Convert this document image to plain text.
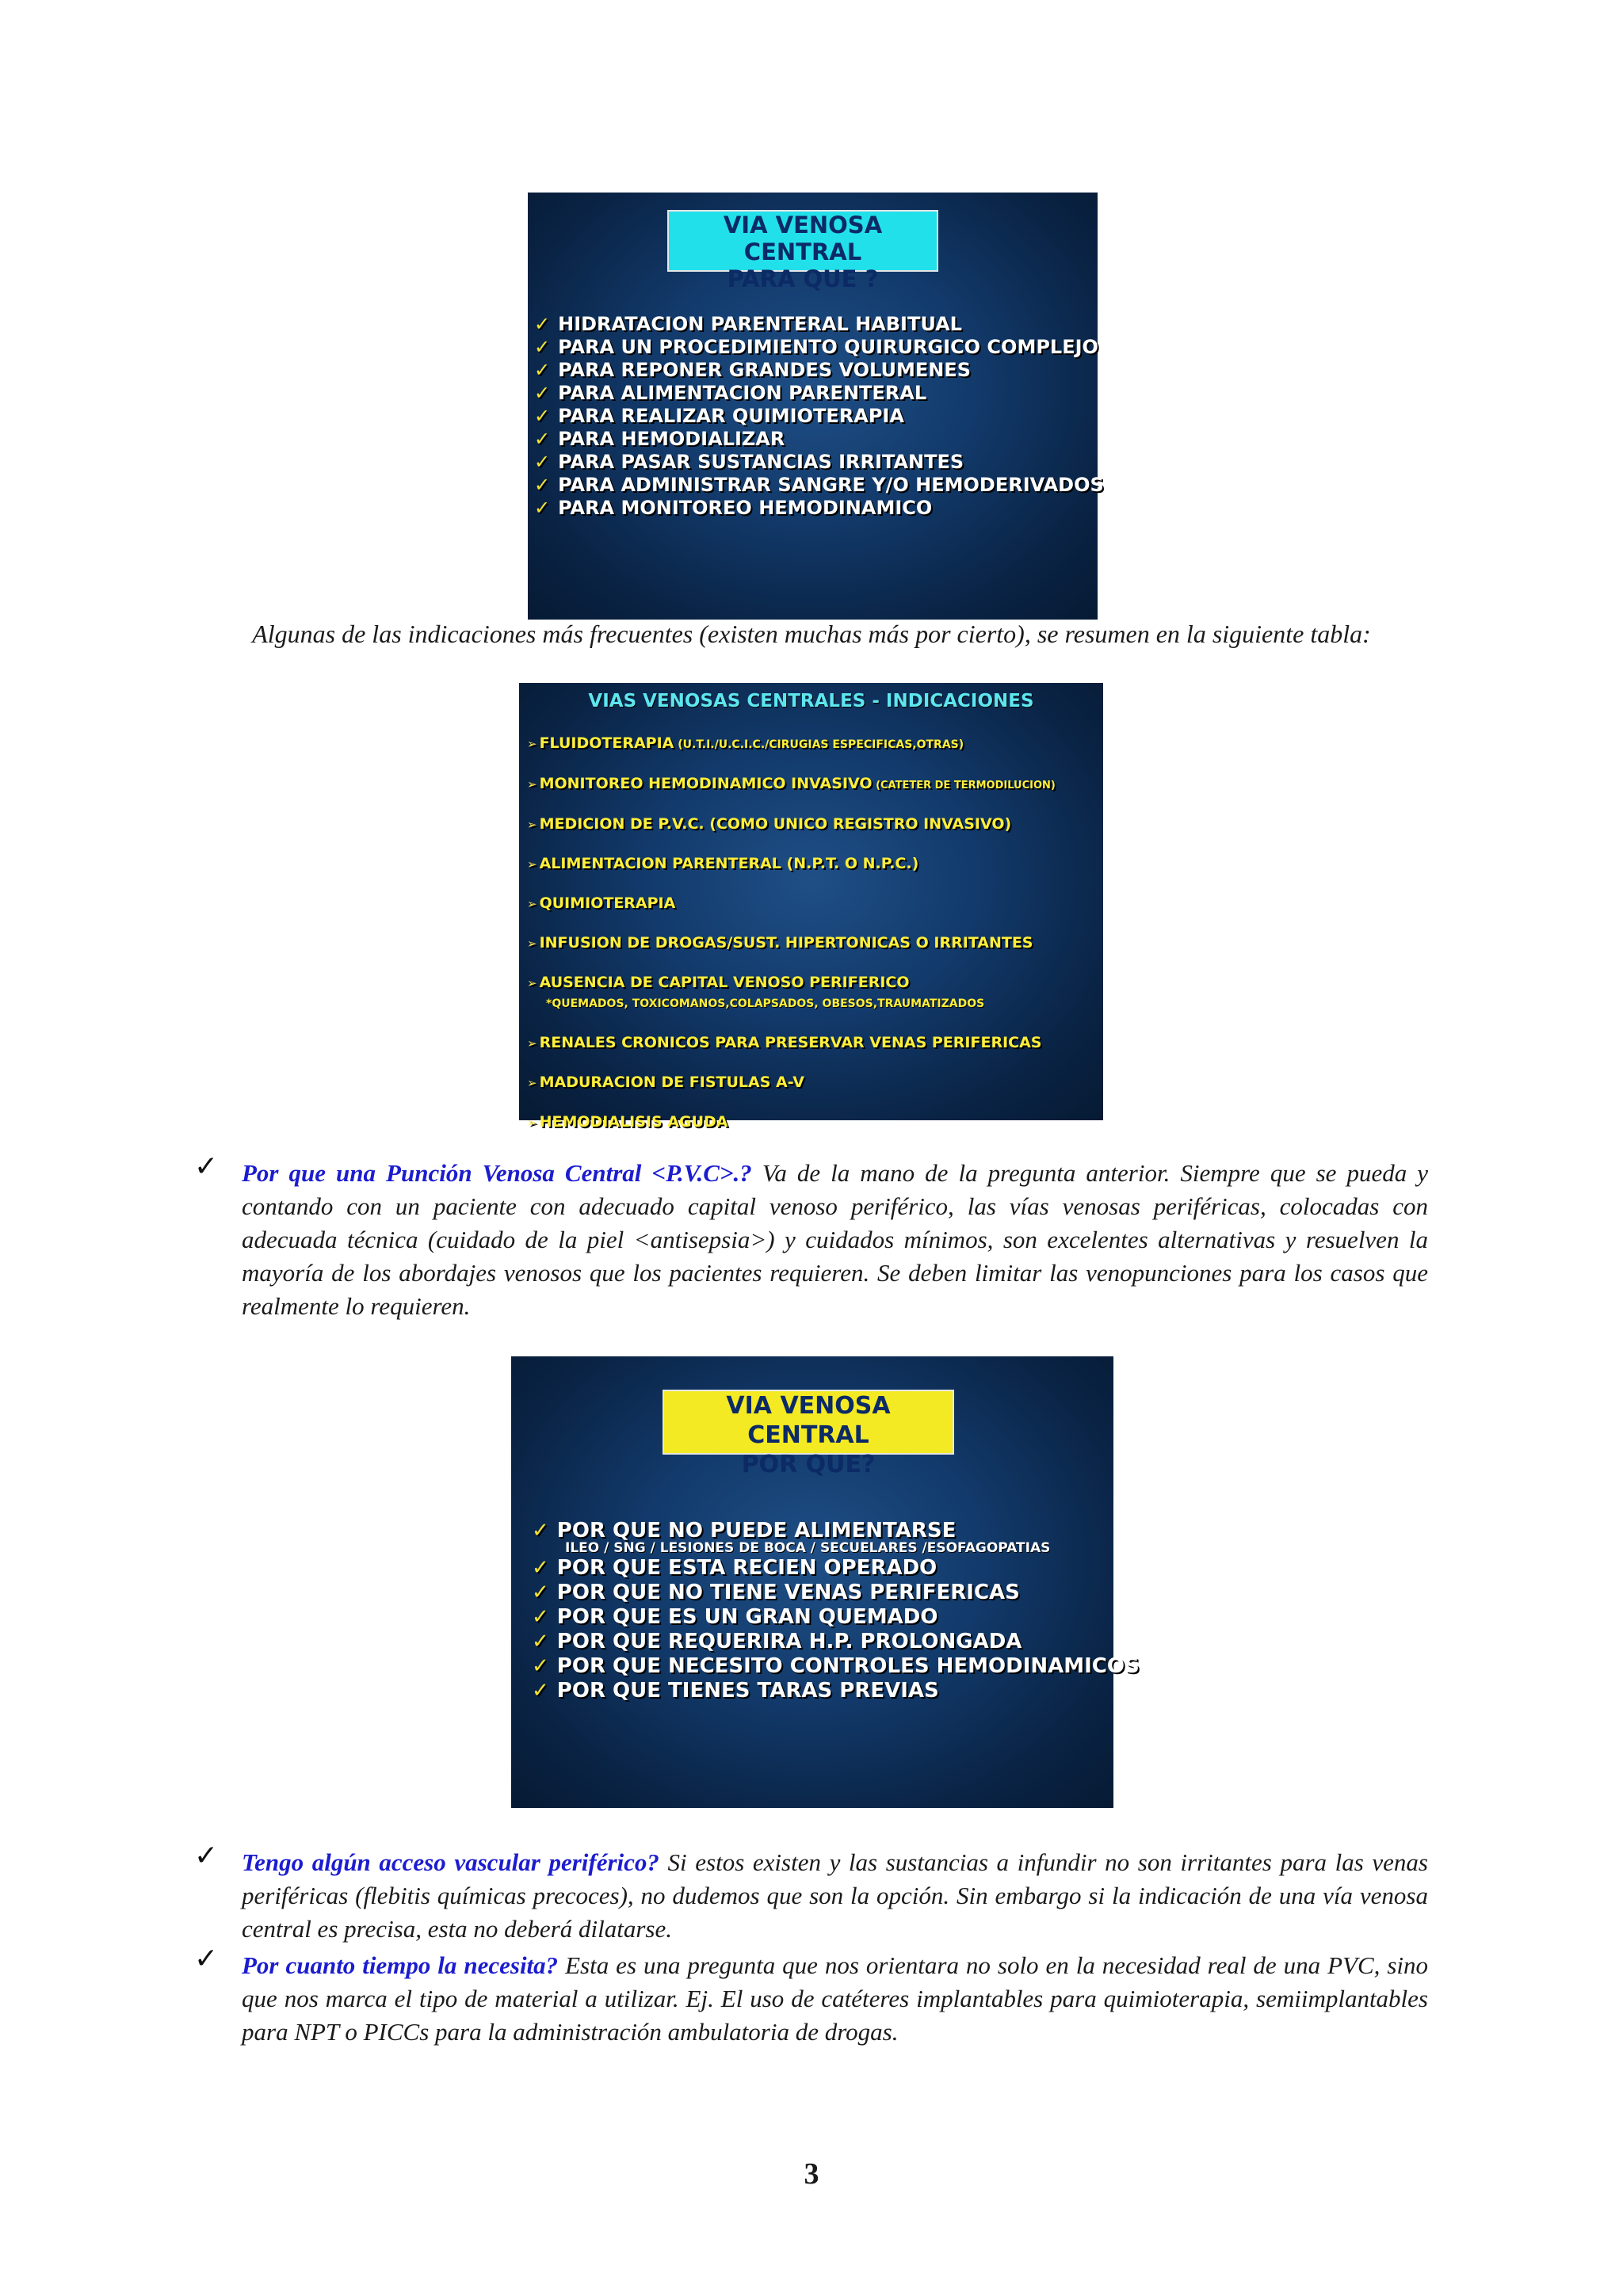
VIA VENOSA CENTRAL
PARA QUE ?
✓ HIDRATACION PARENTERAL HABITUAL
✓ PARA UN PROCEDIMIENTO QUIRURGICO COMPLEJO
✓ PARA REPONER GRANDES VOLUMENES
✓ PARA ALIMENTACION PARENTERAL
✓ PARA REALIZAR QUIMIOTERAPIA
✓ PARA HEMODIALIZAR
✓ PARA PASAR SUSTANCIAS IRRITANTES
✓ PARA ADMINISTRAR SANGRE Y/O HEMODERIVADOS
✓ PARA MONITOREO HEMODINAMICO
Algunas de las indicaciones más frecuentes (existen muchas más por cierto), se resumen en la siguiente tabla:
VIAS VENOSAS CENTRALES - INDICACIONES
➢ FLUIDOTERAPIA (U.T.I./U.C.I.C./CIRUGIAS ESPECIFICAS,OTRAS)
➢ MONITOREO HEMODINAMICO INVASIVO (CATETER DE TERMODILUCION)
➢ MEDICION DE P.V.C. (COMO UNICO REGISTRO INVASIVO)
➢ ALIMENTACION PARENTERAL (N.P.T. O N.P.C.)
➢ QUIMIOTERAPIA
➢ INFUSION DE DROGAS/SUST. HIPERTONICAS O IRRITANTES
➢ AUSENCIA DE CAPITAL VENOSO PERIFERICO
*QUEMADOS, TOXICOMANOS,COLAPSADOS, OBESOS,TRAUMATIZADOS
➢ RENALES CRONICOS PARA PRESERVAR VENAS PERIFERICAS
➢ MADURACION DE FISTULAS A-V
➢ HEMODIALISIS AGUDA
✓ Por que una Punción Venosa Central <P.V.C>.? Va de la mano de la pregunta anterior. Siempre que se pueda y contando con un paciente con adecuado capital venoso periférico, las vías venosas periféricas, colocadas con adecuada técnica (cuidado de la piel <antisepsia>) y cuidados mínimos, son excelentes alternativas y resuelven la mayoría de los abordajes venosos que los pacientes requieren. Se deben limitar las venopunciones para los casos que realmente lo requieren.

VIA VENOSA CENTRAL
POR QUE?
✓ POR QUE NO PUEDE ALIMENTARSE
ILEO / SNG / LESIONES DE BOCA / SECUELARES /ESOFAGOPATIAS
✓ POR QUE ESTA RECIEN OPERADO
✓ POR QUE NO TIENE VENAS PERIFERICAS
✓ POR QUE ES UN GRAN QUEMADO
✓ POR QUE REQUERIRA H.P. PROLONGADA
✓ POR QUE NECESITO CONTROLES HEMODINAMICOS
✓ POR QUE TIENES TARAS PREVIAS
✓ Tengo algún acceso vascular periférico? Si estos existen y las sustancias a infundir no son irritantes para las venas periféricas (flebitis químicas precoces), no dudemos que son la opción. Sin embargo si la indicación de una vía venosa central es precisa, esta no deberá dilatarse.

✓ Por cuanto tiempo la necesita? Esta es una pregunta que nos orientara no solo en la necesidad real de una PVC, sino que nos marca el tipo de material a utilizar. Ej. El uso de catéteres implantables para quimioterapia, semiimplantables para NPT o PICCs para la administración ambulatoria de drogas.

3
